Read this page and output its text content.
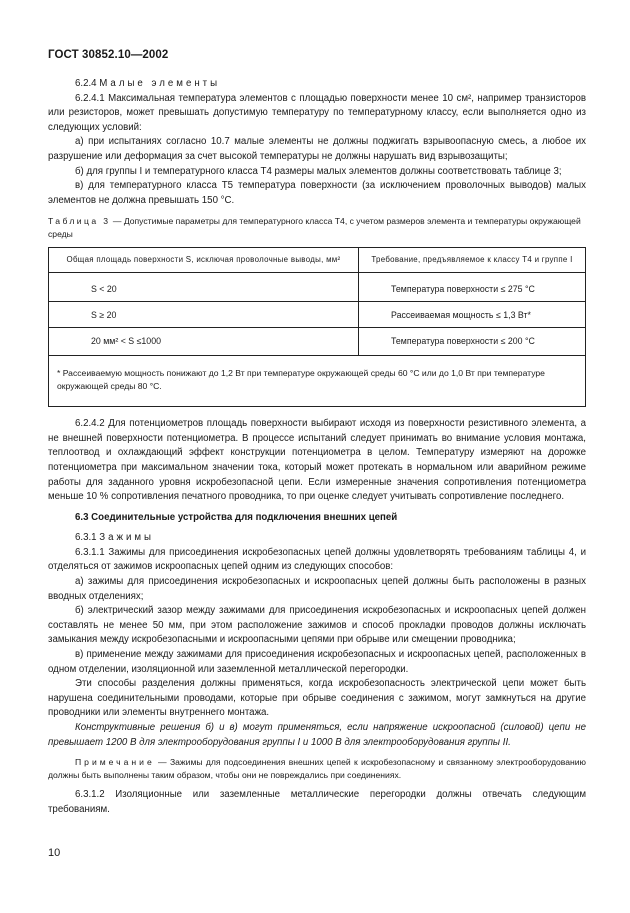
ГОСТ 30852.10—2002

6.2.4 Малые элементы

6.2.4.1 Максимальная температура элементов с площадью поверхности менее 10 см², например транзисторов или резисторов, может превышать допустимую температуру по температурному классу, если выполняется одно из следующих условий:

а) при испытаниях согласно 10.7 малые элементы не должны поджигать взрывоопасную смесь, а любое их разрушение или деформация за счет высокой температуры не должны нарушать вид взрывозащиты;

б) для группы I и температурного класса Т4 размеры малых элементов должны соответствовать таблице 3;

в) для температурного класса Т5 температура поверхности (за исключением проволочных выводов) малых элементов не должна превышать 150 °С.

Таблица 3 — Допустимые параметры для температурного класса Т4, с учетом размеров элемента и температуры окружающей среды
Общая площадь поверхности S, исключая проволочные выводы, мм²	Требование, предъявляемое к классу Т4 и группе I
S < 20	Температура поверхности ≤ 275 °С
S ≥ 20	Рассеиваемая мощность ≤ 1,3 Вт*
20 мм² < S ≤1000	Температура поверхности ≤ 200 °С
* Рассеиваемую мощность понижают до 1,2 Вт при температуре окружающей среды 60 °С или до 1,0 Вт при температуре окружающей среды 80 °С.	

6.2.4.2 Для потенциометров площадь поверхности выбирают исходя из поверхности резистивного элемента, а не внешней поверхности потенциометра. В процессе испытаний следует принимать во внимание условия монтажа, теплоотвод и охлаждающий эффект конструкции потенциометра в целом. Температуру измеряют на дорожке потенциометра при максимальном значении тока, который может протекать в нормальном или аварийном режиме работы для заданного уровня искробезопасной цепи. Если измеренные значения сопротивления потенциометра меньше 10 % сопротивления печатного проводника, то при оценке следует учитывать сопротивление последнего.

6.3 Соединительные устройства для подключения внешних цепей

6.3.1 Зажимы

6.3.1.1 Зажимы для присоединения искробезопасных цепей должны удовлетворять требованиям таблицы 4, и отделяться от зажимов искроопасных цепей одним из следующих способов:

а) зажимы для присоединения искробезопасных и искроопасных цепей должны быть расположены в разных вводных отделениях;

б) электрический зазор между зажимами для присоединения искробезопасных и искроопасных цепей должен составлять не менее 50 мм, при этом расположение зажимов и способ прокладки проводов должны исключать замыкания между искробезопасными и искроопасными цепями при обрыве или смещении проводника;

в) применение между зажимами для присоединения искробезопасных и искроопасных цепей, расположенных в одном отделении, изоляционной или заземленной металлической перегородки.

Эти способы разделения должны применяться, когда искробезопасность электрической цепи может быть нарушена соединительными проводами, которые при обрыве соединения с зажимом, могут замкнуться на другие проводники или элементы внутреннего монтажа.

Конструктивные решения б) и в) могут применяться, если напряжение искроопасной (силовой) цепи не превышает 1200 В для электрооборудования группы I и 1000 В для электрооборудования группы II.

Примечание — Зажимы для подсоединения внешних цепей к искробезопасному и связанному электрооборудованию должны быть выполнены таким образом, чтобы они не повреждались при соединениях.

6.3.1.2 Изоляционные или заземленные металлические перегородки должны отвечать следующим требованиям.

10
